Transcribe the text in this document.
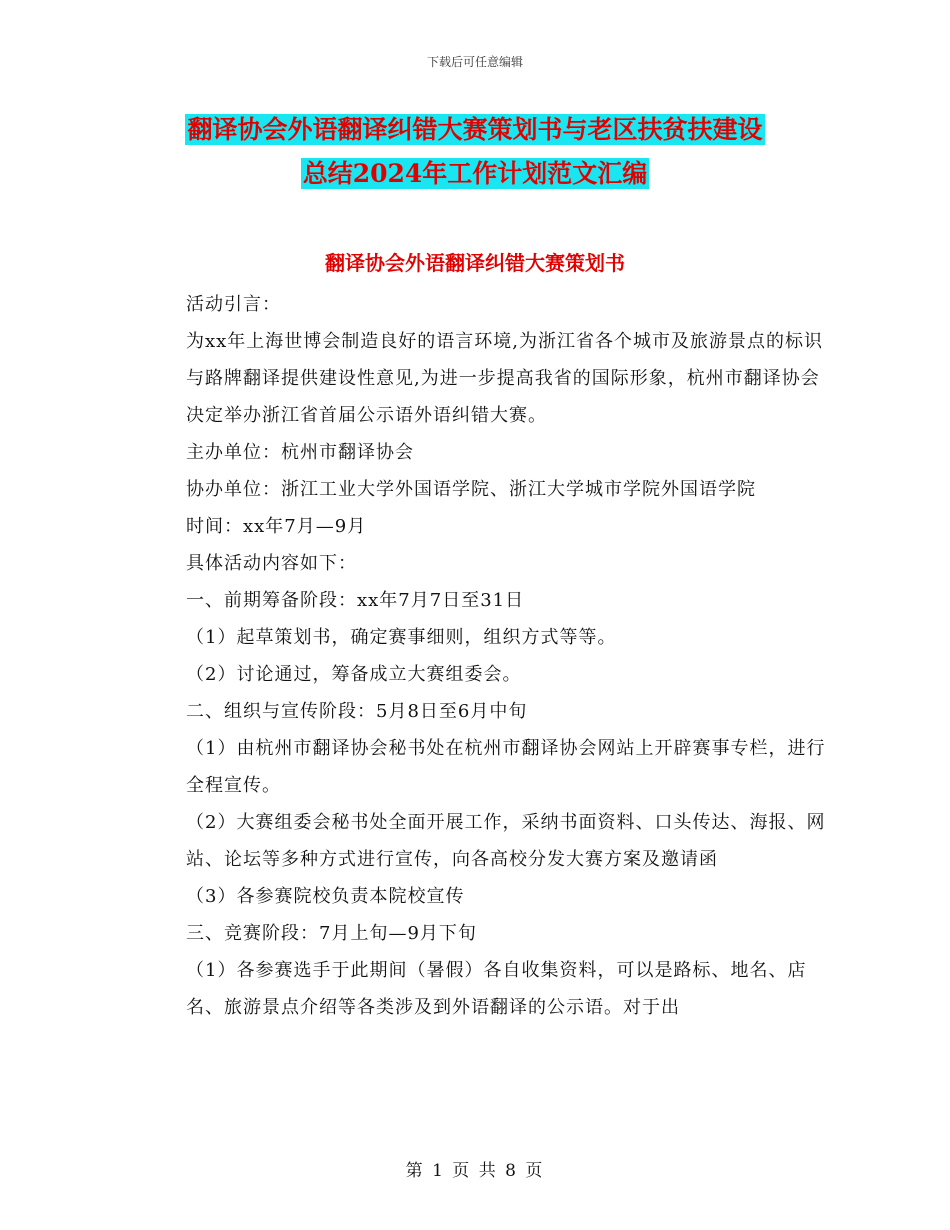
下载后可任意编辑
翻译协会外语翻译纠错大赛策划书与老区扶贫扶建设
总结2024年工作计划范文汇编
翻译协会外语翻译纠错大赛策划书

活动引言：

为xx年上海世博会制造良好的语言环境,为浙江省各个城市及旅游景点的标识与路牌翻译提供建设性意见,为进一步提高我省的国际形象，杭州市翻译协会决定举办浙江省首届公示语外语纠错大赛。

主办单位：杭州市翻译协会

协办单位：浙江工业大学外国语学院、浙江大学城市学院外国语学院

时间：xx年7月—9月

具体活动内容如下：

一、前期筹备阶段：xx年7月7日至31日

（1）起草策划书，确定赛事细则，组织方式等等。

（2）讨论通过，筹备成立大赛组委会。

二、组织与宣传阶段：5月8日至6月中旬

（1）由杭州市翻译协会秘书处在杭州市翻译协会网站上开辟赛事专栏，进行全程宣传。

（2）大赛组委会秘书处全面开展工作，采纳书面资料、口头传达、海报、网站、论坛等多种方式进行宣传，向各高校分发大赛方案及邀请函

（3）各参赛院校负责本院校宣传

三、竞赛阶段：7月上旬—9月下旬

（1）各参赛选手于此期间（暑假）各自收集资料，可以是路标、地名、店名、旅游景点介绍等各类涉及到外语翻译的公示语。对于出

第 1 页 共 8 页
